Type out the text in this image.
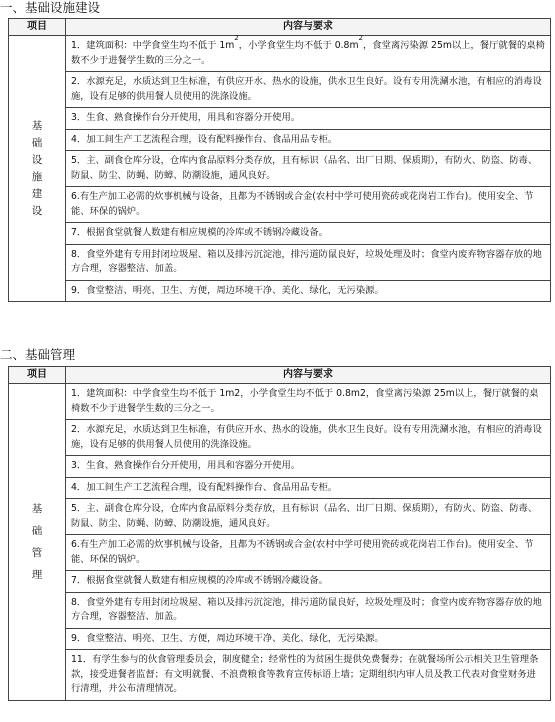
一、基础设施建设
项目	内容与要求
基础设施建设	1．建筑面积：中学食堂生均不低于 $1m^2$，小学食堂生均不低于 $0.8m^2$，食堂离污染源 25m以上，餐厅就餐的桌椅数不少于进餐学生数的三分之一。
	2．水源充足，水质达到卫生标准，有供应开水、热水的设施，供水卫生良好。设有专用洗涮水池，有相应的消毒设施，设有足够的供用餐人员使用的洗涤设施。
	3．生食、熟食操作台分开使用，用具和容器分开使用。
	4．加工间生产工艺流程合理，设有配料操作台、食品用品专柜。
	5．主、副食仓库分设，仓库内食品原料分类存放，且有标识（品名、出厂日期、保质期），有防火、防盗、防毒、防鼠、防尘、防蝇、防蟑、防潮设施，通风良好。
	6.有生产加工必需的炊事机械与设备，且都为不锈钢或合金(农村中学可使用瓷砖或花岗岩工作台)。使用安全、节能、环保的锅炉。
	7．根据食堂就餐人数建有相应规模的冷库或不锈钢冷藏设备。
	8．食堂外建有专用封闭垃圾屋、箱以及排污沉淀池，排污道防鼠良好，垃圾处理及时；食堂内废弃物容器存放的地方合理，容器整洁、加盖。
	9．食堂整洁、明亮、卫生、方便，周边环境干净、美化、绿化，无污染源。
二、基础管理
项目	内容与要求
基础管理	1．建筑面积：中学食堂生均不低于 1m2，小学食堂生均不低于 0.8m2，食堂离污染源 25m以上，餐厅就餐的桌椅数不少于进餐学生数的三分之一。
	2．水源充足，水质达到卫生标准，有供应开水、热水的设施，供水卫生良好。设有专用洗涮水池，有相应的消毒设施，设有足够的供用餐人员使用的洗涤设施。
	3．生食、熟食操作台分开使用，用具和容器分开使用。
	4．加工间生产工艺流程合理，设有配料操作台、食品用品专柜。
	5．主、副食仓库分设，仓库内食品原料分类存放，且有标识（品名、出厂日期、保质期），有防火、防盗、防毒、防鼠、防尘、防蝇、防蟑、防潮设施，通风良好。
	6.有生产加工必需的炊事机械与设备，且都为不锈钢或合金(农村中学可使用瓷砖或花岗岩工作台)。使用安全、节能、环保的锅炉。
	7．根据食堂就餐人数建有相应规模的冷库或不锈钢冷藏设备。
	8．食堂外建有专用封闭垃圾屋、箱以及排污沉淀池，排污道防鼠良好，垃圾处理及时；食堂内废弃物容器存放的地方合理，容器整洁、加盖。
	9．食堂整洁、明亮、卫生、方便，周边环境干净、美化、绿化，无污染源。
	11．有学生参与的伙食管理委员会，制度健全；经常性的为贫困生提供免费餐券；在就餐场所公示相关卫生管理条款，接受进餐者监督；有文明就餐、不浪费粮食等教育宣传标语上墙；定期组织内审人员及教工代表对食堂财务进行清理，并公布清理情况。
